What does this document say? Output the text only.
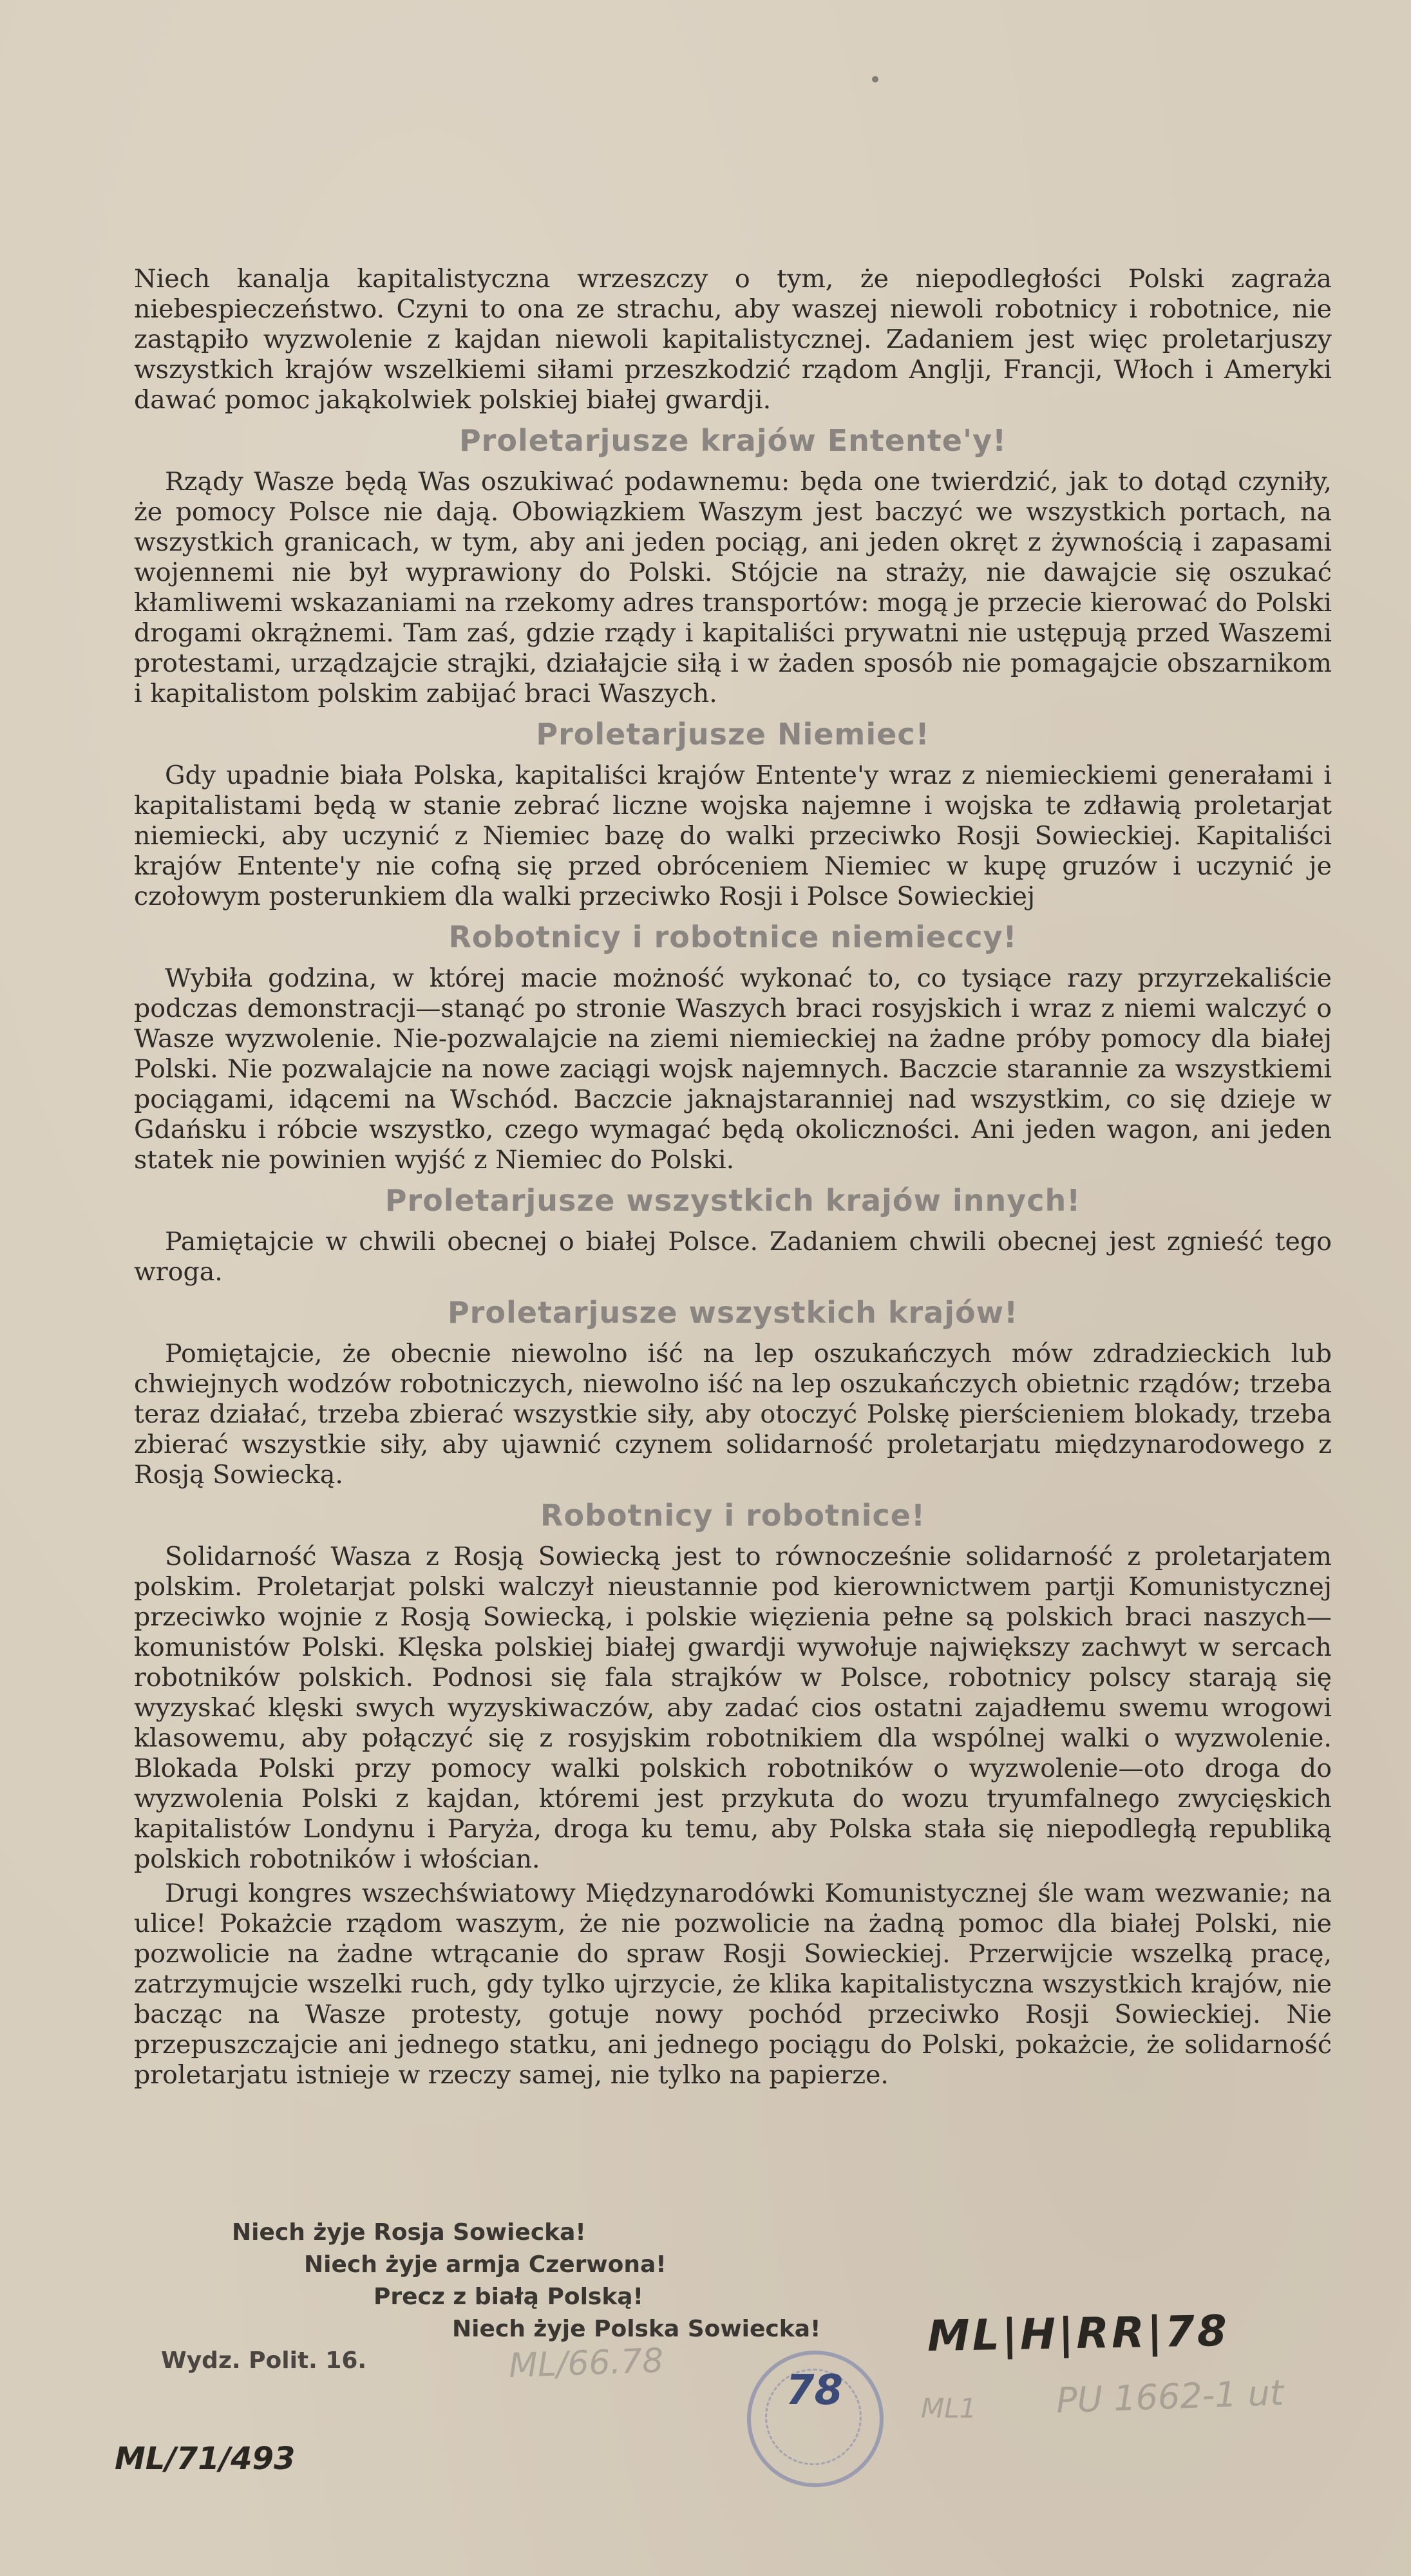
Niech kanalja kapitalistyczna wrzeszczy o tym, że niepodległości Polski zagraża niebespieczeństwo. Czyni to ona ze strachu, aby waszej niewoli robotnicy i robotnice, nie zastąpiło wyzwolenie z kajdan niewoli kapitalistycznej. Zadaniem jest więc proletarjuszy wszystkich krajów wszelkiemi siłami przeszkodzić rządom Anglji, Francji, Włoch i Ameryki dawać pomoc jakąkolwiek polskiej białej gwardji.

Proletarjusze krajów Entente'y!

Rządy Wasze będą Was oszukiwać podawnemu: będa one twierdzić, jak to dotąd czyniły, że pomocy Polsce nie dają. Obowiązkiem Waszym jest baczyć we wszystkich portach, na wszystkich granicach, w tym, aby ani jeden pociąg, ani jeden okręt z żywnością i zapasami wojennemi nie był wyprawiony do Polski. Stójcie na straży, nie dawajcie się oszukać kłamliwemi wskazaniami na rzekomy adres transportów: mogą je przecie kierować do Polski drogami okrążnemi. Tam zaś, gdzie rządy i kapitaliści prywatni nie ustępują przed Waszemi protestami, urządzajcie strajki, działajcie siłą i w żaden sposób nie pomagajcie obszarnikom i kapitalistom polskim zabijać braci Waszych.

Proletarjusze Niemiec!

Gdy upadnie biała Polska, kapitaliści krajów Entente'y wraz z niemieckiemi generałami i kapitalistami będą w stanie zebrać liczne wojska najemne i wojska te zdławią proletarjat niemiecki, aby uczynić z Niemiec bazę do walki przeciwko Rosji Sowieckiej. Kapitaliści krajów Entente'y nie cofną się przed obróceniem Niemiec w kupę gruzów i uczynić je czołowym posterunkiem dla walki przeciwko Rosji i Polsce Sowieckiej

Robotnicy i robotnice niemieccy!

Wybiła godzina, w której macie możność wykonać to, co tysiące razy przyrzekaliście podczas demonstracji—stanąć po stronie Waszych braci rosyjskich i wraz z niemi walczyć o Wasze wyzwolenie. Nie-pozwalajcie na ziemi niemieckiej na żadne próby pomocy dla białej Polski. Nie pozwalajcie na nowe zaciągi wojsk najemnych. Baczcie starannie za wszystkiemi pociągami, idącemi na Wschód. Baczcie jaknajstaranniej nad wszystkim, co się dzieje w Gdańsku i róbcie wszystko, czego wymagać będą okoliczności. Ani jeden wagon, ani jeden statek nie powinien wyjść z Niemiec do Polski.

Proletarjusze wszystkich krajów innych!

Pamiętajcie w chwili obecnej o białej Polsce. Zadaniem chwili obecnej jest zgnieść tego wroga.

Proletarjusze wszystkich krajów!

Pomiętajcie, że obecnie niewolno iść na lep oszukańczych mów zdradzieckich lub chwiejnych wodzów robotniczych, niewolno iść na lep oszukańczych obietnic rządów; trzeba teraz działać, trzeba zbierać wszystkie siły, aby otoczyć Polskę pierścieniem blokady, trzeba zbierać wszystkie siły, aby ujawnić czynem solidarność proletarjatu międzynarodowego z Rosją Sowiecką.

Robotnicy i robotnice!

Solidarność Wasza z Rosją Sowiecką jest to równocześnie solidarność z proletarjatem polskim. Proletarjat polski walczył nieustannie pod kierownictwem partji Komunistycznej przeciwko wojnie z Rosją Sowiecką, i polskie więzienia pełne są polskich braci naszych—komunistów Polski. Klęska polskiej białej gwardji wywołuje największy zachwyt w sercach robotników polskich. Podnosi się fala strajków w Polsce, robotnicy polscy starają się wyzyskać klęski swych wyzyskiwaczów, aby zadać cios ostatni zajadłemu swemu wrogowi klasowemu, aby połączyć się z rosyjskim robotnikiem dla wspólnej walki o wyzwolenie. Blokada Polski przy pomocy walki polskich robotników o wyzwolenie—oto droga do wyzwolenia Polski z kajdan, któremi jest przykuta do wozu tryumfalnego zwycięskich kapitalistów Londynu i Paryża, droga ku temu, aby Polska stała się niepodległą republiką polskich robotników i włościan.

Drugi kongres wszechświatowy Międzynarodówki Komunistycznej śle wam wezwanie; na ulice! Pokażcie rządom waszym, że nie pozwolicie na żadną pomoc dla białej Polski, nie pozwolicie na żadne wtrącanie do spraw Rosji Sowieckiej. Przerwijcie wszelką pracę, zatrzymujcie wszelki ruch, gdy tylko ujrzycie, że klika kapitalistyczna wszystkich krajów, nie bacząc na Wasze protesty, gotuje nowy pochód przeciwko Rosji Sowieckiej. Nie przepuszczajcie ani jednego statku, ani jednego pociągu do Polski, pokażcie, że solidarność proletarjatu istnieje w rzeczy samej, nie tylko na papierze.

Niech żyje Rosja Sowiecka!
Niech żyje armja Czerwona!
Precz z białą Polską!
Niech żyje Polska Sowiecka!
Wydz. Polit. 16.	ML|H|RR|78
ML/71/493
ML/66.78
ML1 PU 1662-1 ut
78
